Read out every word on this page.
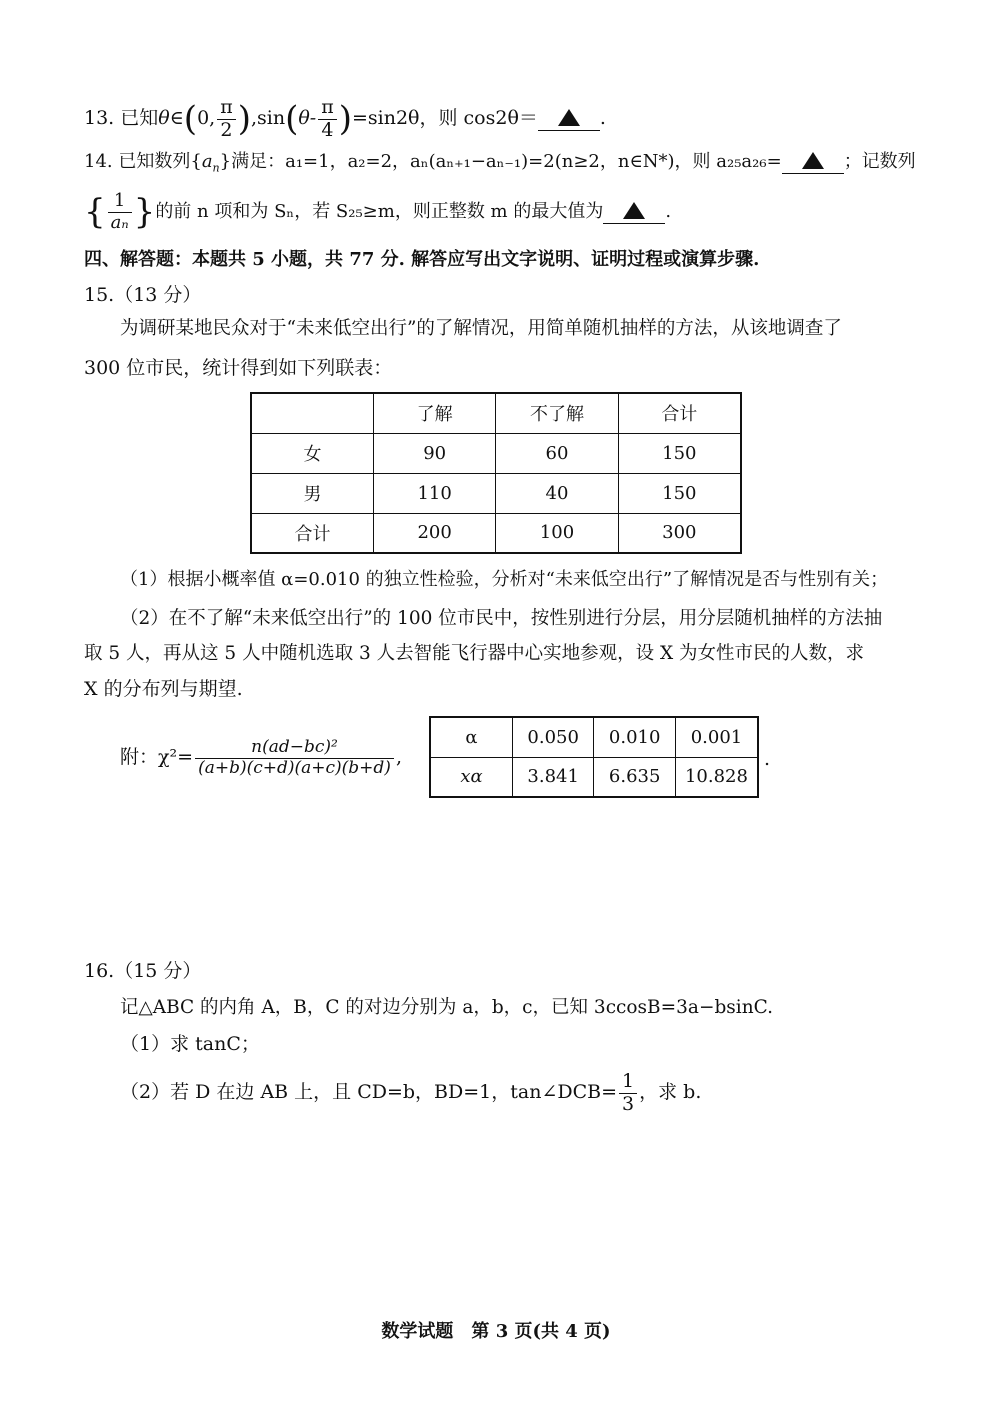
13. 已知θ∈(0, $\frac{\pi}{2} ),\sin(\theta- \frac{\pi}{4} )=\sin 2\theta$，则 cos2θ＝	.
14. 已知数列$\{a_n\}$满足：a₁=1，a₂=2，aₙ(aₙ₊₁−aₙ₋₁)=2(n≥2，n∈N*)，则 a₂₅a₂₆=	；记数列
{ $\frac{1}{\text{aₙ}}$ }的前 n 项和为 Sₙ，若 S₂₅≥m，则正整数 m 的最大值为	.
四、解答题：本题共 5 小题，共 77 分. 解答应写出文字说明、证明过程或演算步骤.
15.（13 分）
为调研某地民众对于“未来低空出行”的了解情况，用简单随机抽样的方法，从该地调查了
300 位市民，统计得到如下列联表：
	了解	不了解	合计
女	90	60	150
男	110	40	150
合计	200	100	300
（1）根据小概率值 α=0.010 的独立性检验，分析对“未来低空出行”了解情况是否与性别有关；
（2）在不了解“未来低空出行”的 100 位市民中，按性别进行分层，用分层随机抽样的方法抽
取 5 人，再从这 5 人中随机选取 3 人去智能飞行器中心实地参观，设 X 为女性市民的人数，求
X 的分布列与期望.
附：$\chi^2= \frac{\text{n(ad−bc)²}}{(a+b)(c+d)(a+c)(b+d)}$ ,
α	0.050	0.010	0.001
xα	3.841	6.635	10.828
.
16.（15 分）
记△ABC 的内角 A，B，C 的对边分别为 a，b，c，已知 3ccosB=3a−bsinC.
（1）求 tanC；
（2）若 D 在边 AB 上，且 CD=b，BD=1，tan∠DCB= $\frac{1}{3}$ ，求 b.
数学试题　第 3 页(共 4 页)
